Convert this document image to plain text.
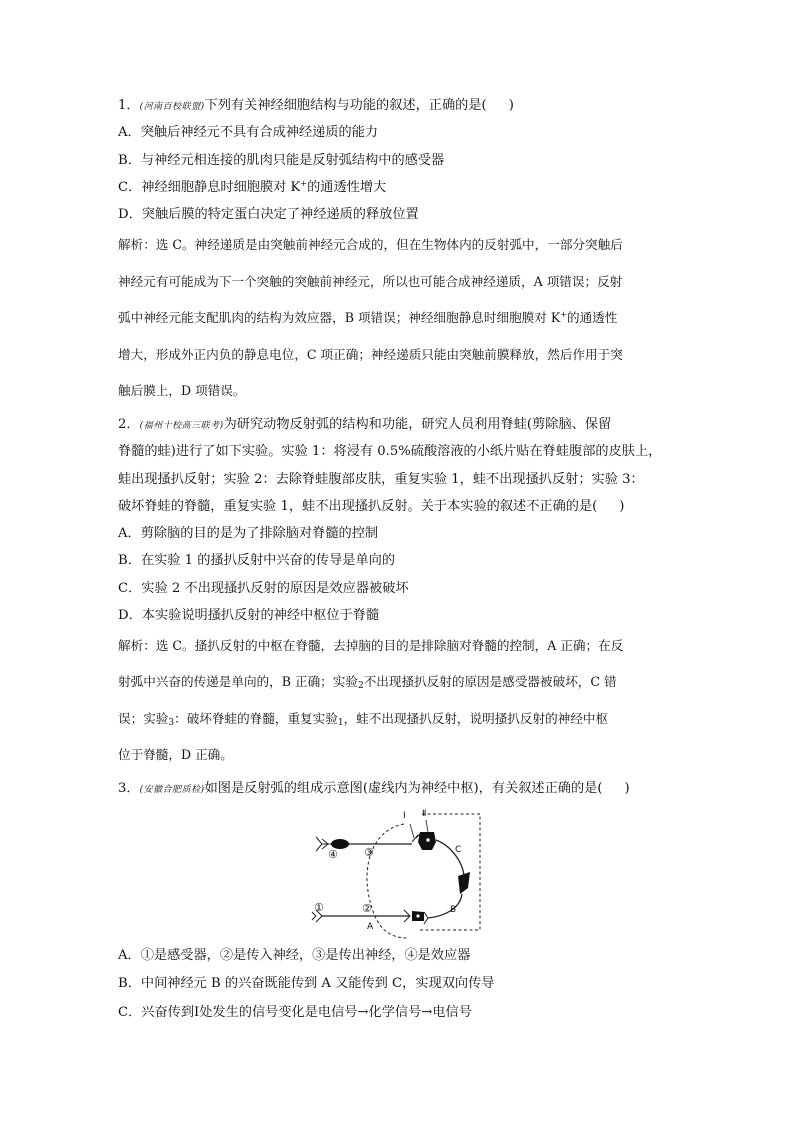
1．(河南百校联盟)下列有关神经细胞结构与功能的叙述，正确的是( )
A．突触后神经元不具有合成神经递质的能力
B．与神经元相连接的肌肉只能是反射弧结构中的感受器
C．神经细胞静息时细胞膜对 K+的通透性增大
D．突触后膜的特定蛋白决定了神经递质的释放位置
解析：选 C。神经递质是由突触前神经元合成的，但在生物体内的反射弧中，一部分突触后
神经元有可能成为下一个突触的突触前神经元，所以也可能合成神经递质，A 项错误；反射
弧中神经元能支配肌肉的结构为效应器，B 项错误；神经细胞静息时细胞膜对 K+的通透性
增大，形成外正内负的静息电位，C 项正确；神经递质只能由突触前膜释放，然后作用于突
触后膜上，D 项错误。
2．(福州十校高三联考)为研究动物反射弧的结构和功能，研究人员利用脊蛙(剪除脑、保留
脊髓的蛙)进行了如下实验。实验 1：将浸有 0.5%硫酸溶液的小纸片贴在脊蛙腹部的皮肤上，
蛙出现搔扒反射；实验 2：去除脊蛙腹部皮肤，重复实验 1，蛙不出现搔扒反射；实验 3：
破坏脊蛙的脊髓，重复实验 1，蛙不出现搔扒反射。关于本实验的叙述不正确的是( )
A．剪除脑的目的是为了排除脑对脊髓的控制
B．在实验 1 的搔扒反射中兴奋的传导是单向的
C．实验 2 不出现搔扒反射的原因是效应器被破坏
D．本实验说明搔扒反射的神经中枢位于脊髓
解析：选 C。搔扒反射的中枢在脊髓，去掉脑的目的是排除脑对脊髓的控制，A 正确；在反
射弧中兴奋的传递是单向的，B 正确；实验$_2$不出现搔扒反射的原因是感受器被破坏，C 错
误；实验$_3$：破坏脊蛙的脊髓，重复实验$_1$，蛙不出现搔扒反射，说明搔扒反射的神经中枢
位于脊髓，D 正确。
3．(安徽合肥质检)如图是反射弧的组成示意图(虚线内为神经中枢)，有关叙述正确的是( )
Ⅰ Ⅱ
C
B
A
①	②
③
④
A．①是感受器，②是传入神经，③是传出神经，④是效应器
B．中间神经元 B 的兴奋既能传到 A 又能传到 C，实现双向传导
C．兴奋传到Ⅰ处发生的信号变化是电信号→化学信号→电信号
